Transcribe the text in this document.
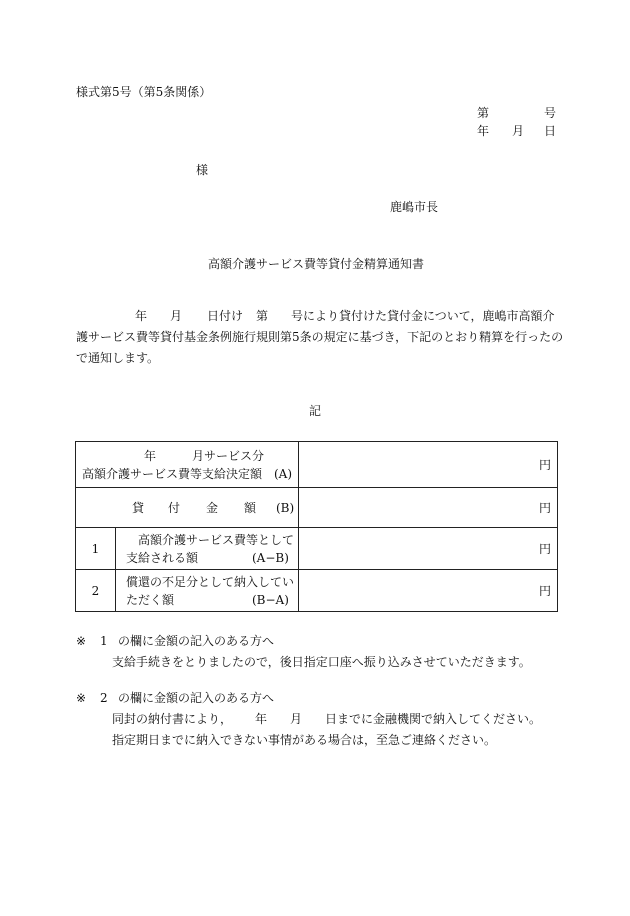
様式第5号（第5条関係）
第	号
年 月 日
様
鹿嶋市長
高額介護サービス費等貸付金精算通知書
年 月 日付け 第 号により貸付けた貸付金について，鹿嶋市高額介
護サービス費等貸付基金条例施行規則第5条の規定に基づき，下記のとおり精算を行ったの
で通知します。
記
年 月サービス分
高額介護サービス費等支給決定額　(A)		円

貸 付 金 額 (B)		円
1	高額介護サービス費等として
支給される額 (A−B)	円
2	償還の不足分として納入してい
ただく額 (B−A)	円
※ 1 の欄に金額の記入のある方へ
支給手続きをとりましたので，後日指定口座へ振り込みさせていただきます。
※ 2 の欄に金額の記入のある方へ
同封の納付書により， 年 月 日までに金融機関で納入してください。
指定期日までに納入できない事情がある場合は，至急ご連絡ください。
